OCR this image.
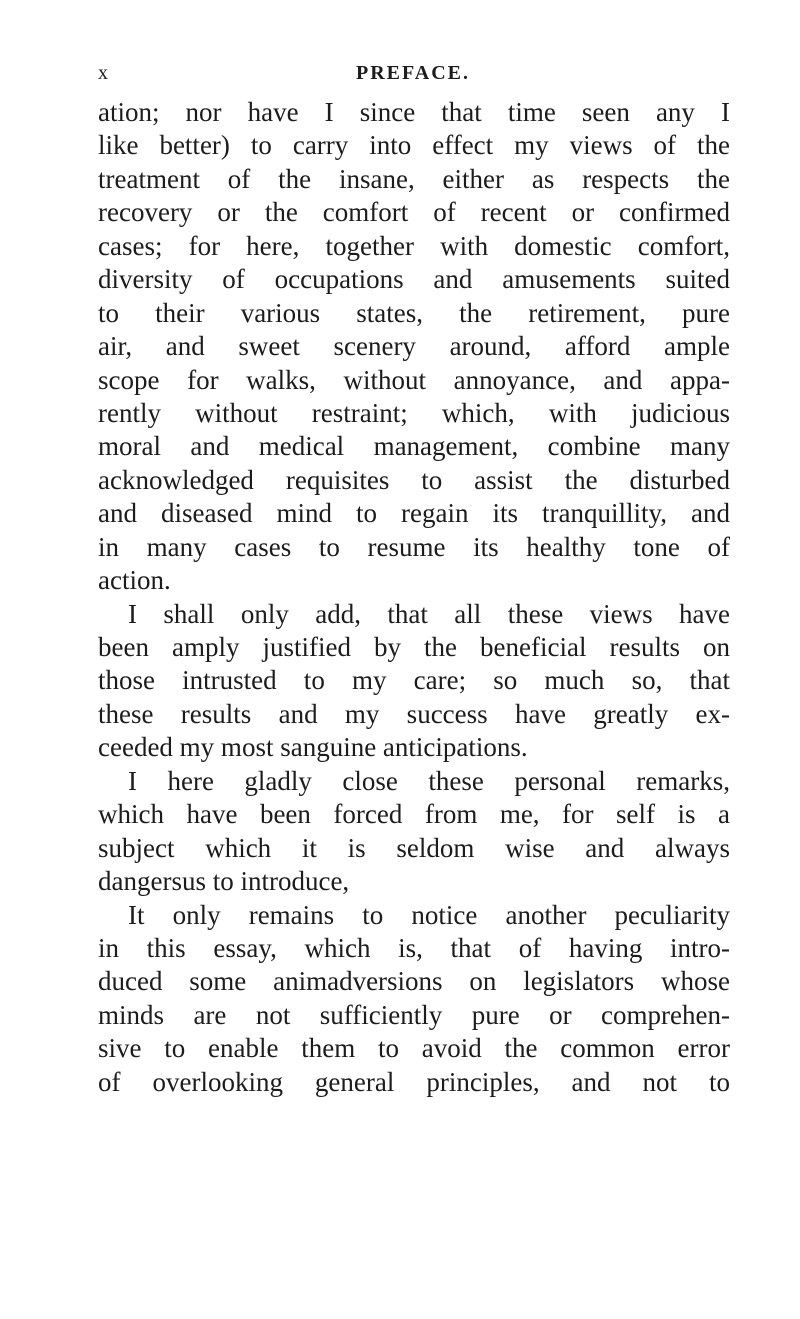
x	PREFACE.
ation; nor have I since that time seen any I
like better) to carry into effect my views of the
treatment of the insane, either as respects the
recovery or the comfort of recent or confirmed
cases; for here, together with domestic comfort,
diversity of occupations and amusements suited
to their various states, the retirement, pure
air, and sweet scenery around, afford ample
scope for walks, without annoyance, and appa-
rently without restraint; which, with judicious
moral and medical management, combine many
acknowledged requisites to assist the disturbed
and diseased mind to regain its tranquillity, and
in many cases to resume its healthy tone of
action.
I shall only add, that all these views have
been amply justified by the beneficial results on
those intrusted to my care; so much so, that
these results and my success have greatly ex-
ceeded my most sanguine anticipations.
I here gladly close these personal remarks,
which have been forced from me, for self is a
subject which it is seldom wise and always
dangersus to introduce,
It only remains to notice another peculiarity
in this essay, which is, that of having intro-
duced some animadversions on legislators whose
minds are not sufficiently pure or comprehen-
sive to enable them to avoid the common error
of overlooking general principles, and not to
